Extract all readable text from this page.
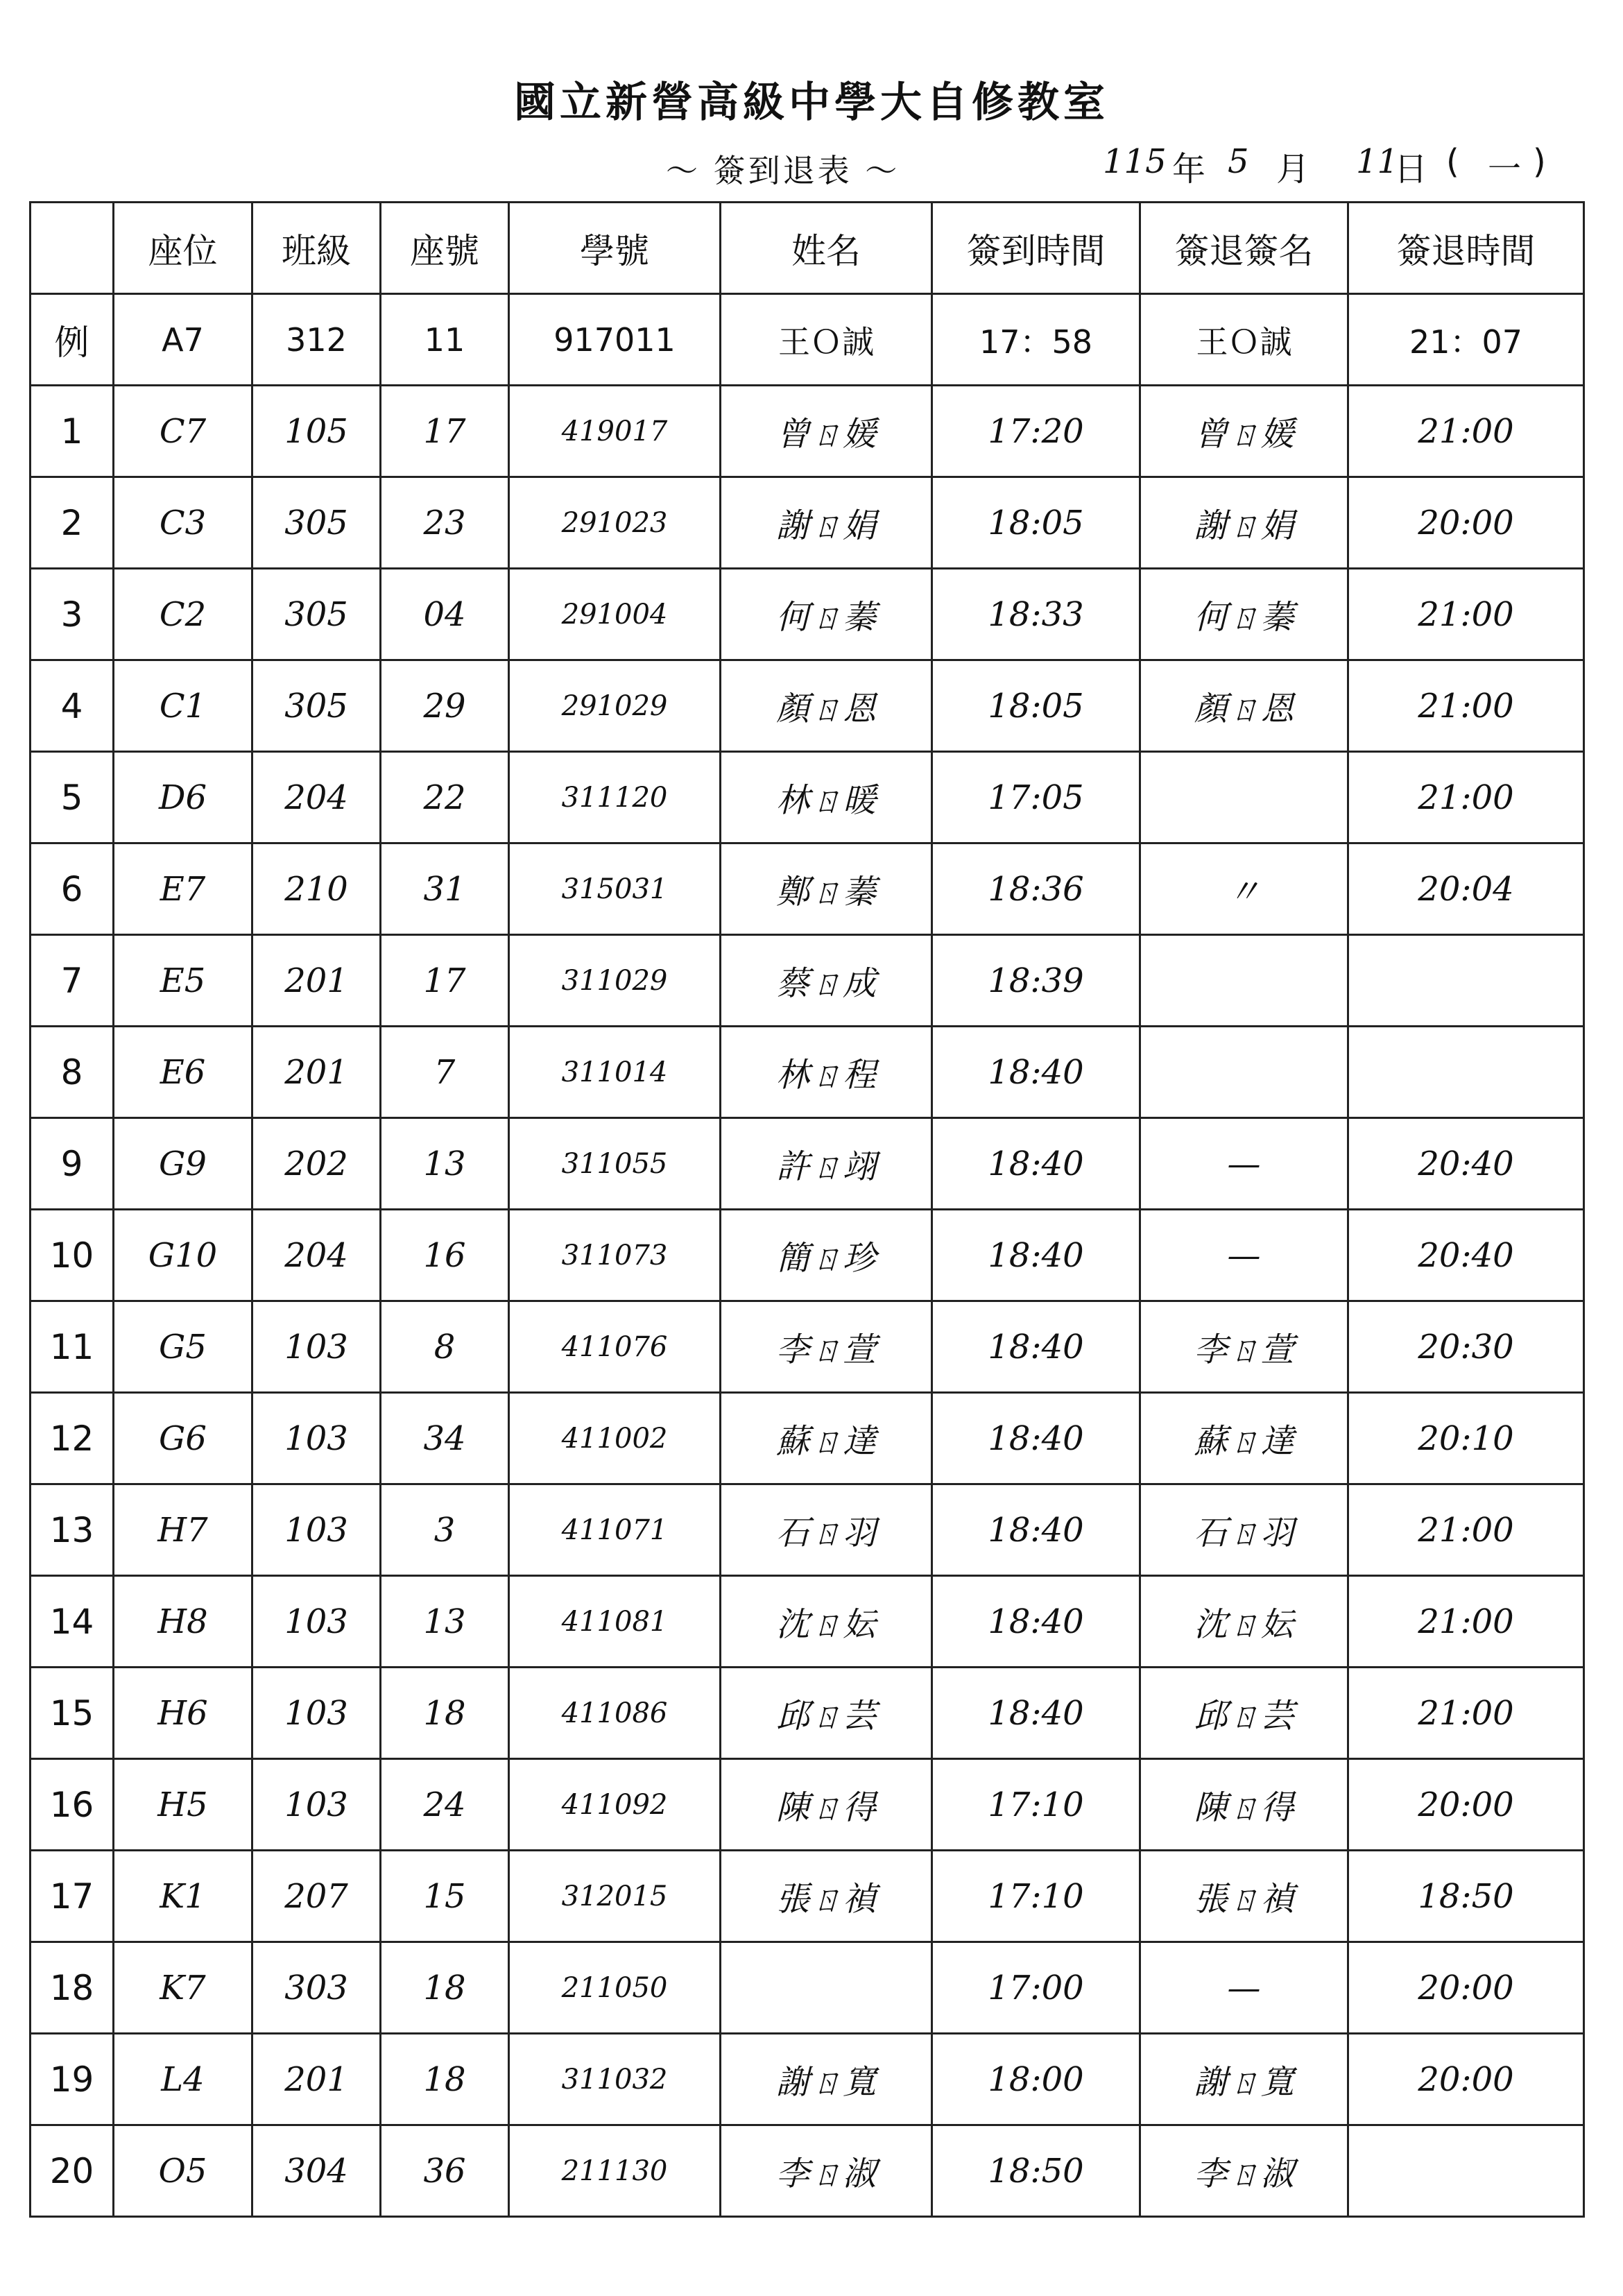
國立新營高級中學大自修教室
～ 簽到退表 ～	115 年 5 月 11
日 ( 一 )
	座位	班級	座號	學號	姓名	簽到時間	簽退簽名	簽退時間
例	A7	312	11	917011	王Ｏ誠	17：58	王Ｏ誠	21：07
1	C7	105	17	419017	曾ㄖ媛	17:20	曾ㄖ媛	21:00
2	C3	305	23	291023	謝ㄖ娟	18:05	謝ㄖ娟	20:00
3	C2	305	04	291004	何ㄖ蓁	18:33	何ㄖ蓁	21:00
4	C1	305	29	291029	顏ㄖ恩	18:05	顏ㄖ恩	21:00
5	D6	204	22	311120	林ㄖ暖	17:05		21:00
6	E7	210	31	315031	鄭ㄖ蓁	18:36	〃	20:04
7	E5	201	17	311029	蔡ㄖ成	18:39		
8	E6	201	7	311014	林ㄖ程	18:40		
9	G9	202	13	311055	許ㄖ翊	18:40	—	20:40
10	G10	204	16	311073	簡ㄖ珍	18:40	—	20:40
11	G5	103	8	411076	李ㄖ萱	18:40	李ㄖ萱	20:30
12	G6	103	34	411002	蘇ㄖ達	18:40	蘇ㄖ達	20:10
13	H7	103	3	411071	石ㄖ羽	18:40	石ㄖ羽	21:00
14	H8	103	13	411081	沈ㄖ妘	18:40	沈ㄖ妘	21:00
15	H6	103	18	411086	邱ㄖ芸	18:40	邱ㄖ芸	21:00
16	H5	103	24	411092	陳ㄖ得	17:10	陳ㄖ得	20:00
17	K1	207	15	312015	張ㄖ禎	17:10	張ㄖ禎	18:50
18	K7	303	18	211050		17:00	—	20:00
19	L4	201	18	311032	謝ㄖ寬	18:00	謝ㄖ寬	20:00
20	O5	304	36	211130	李ㄖ淑	18:50	李ㄖ淑	
